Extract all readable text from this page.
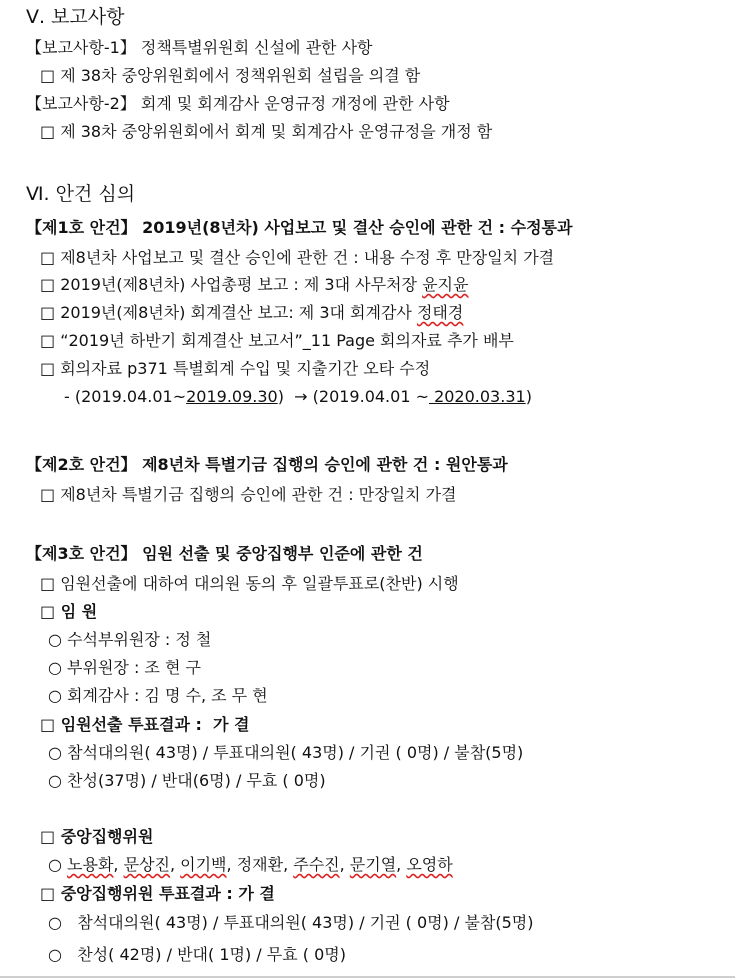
Ⅴ. 보고사항
【보고사항-1】 정책특별위원회 신설에 관한 사항
□ 제 38차 중앙위원회에서 정책위원회 설립을 의결 함
【보고사항-2】 회계 및 회계감사 운영규정 개정에 관한 사항
□ 제 38차 중앙위원회에서 회계 및 회계감사 운영규정을 개정 함
Ⅵ. 안건 심의
【제1호 안건】 2019년(8년차) 사업보고 및 결산 승인에 관한 건 : 수정통과
□ 제8년차 사업보고 및 결산 승인에 관한 건 : 내용 수정 후 만장일치 가결
□ 2019년(제8년차) 사업총평 보고 : 제 3대 사무처장 윤지윤
□ 2019년(제8년차) 회계결산 보고: 제 3대 회계감사 정태경
□ “2019년 하반기 회계결산 보고서”_11 Page 회의자료 추가 배부
□ 회의자료 p371 특별회계 수입 및 지출기간 오타 수정
- (2019.04.01~2019.09.30)  → (2019.04.01 ~ 2020.03.31)
【제2호 안건】 제8년차 특별기금 집행의 승인에 관한 건 : 원안통과
□ 제8년차 특별기금 집행의 승인에 관한 건 : 만장일치 가결
【제3호 안건】 임원 선출 및 중앙집행부 인준에 관한 건
□ 임원선출에 대하여 대의원 동의 후 일괄투표로(찬반) 시행
□ 임 원
○ 수석부위원장 : 정 철
○ 부위원장 : 조 현 구
○ 회계감사 : 김 명 수, 조 무 현
□ 임원선출 투표결과 :  가 결
○ 참석대의원( 43명) / 투표대의원( 43명) / 기권 ( 0명) / 불참(5명)
○ 찬성(37명) / 반대(6명) / 무효 ( 0명)
□ 중앙집행위원
○ 노용화, 문상진, 이기백, 정재환, 주수진, 문기열, 오영하
□ 중앙집행위원 투표결과 : 가 결
○   참석대의원( 43명) / 투표대의원( 43명) / 기권 ( 0명) / 불참(5명)
○   찬성( 42명) / 반대( 1명) / 무효 ( 0명)
